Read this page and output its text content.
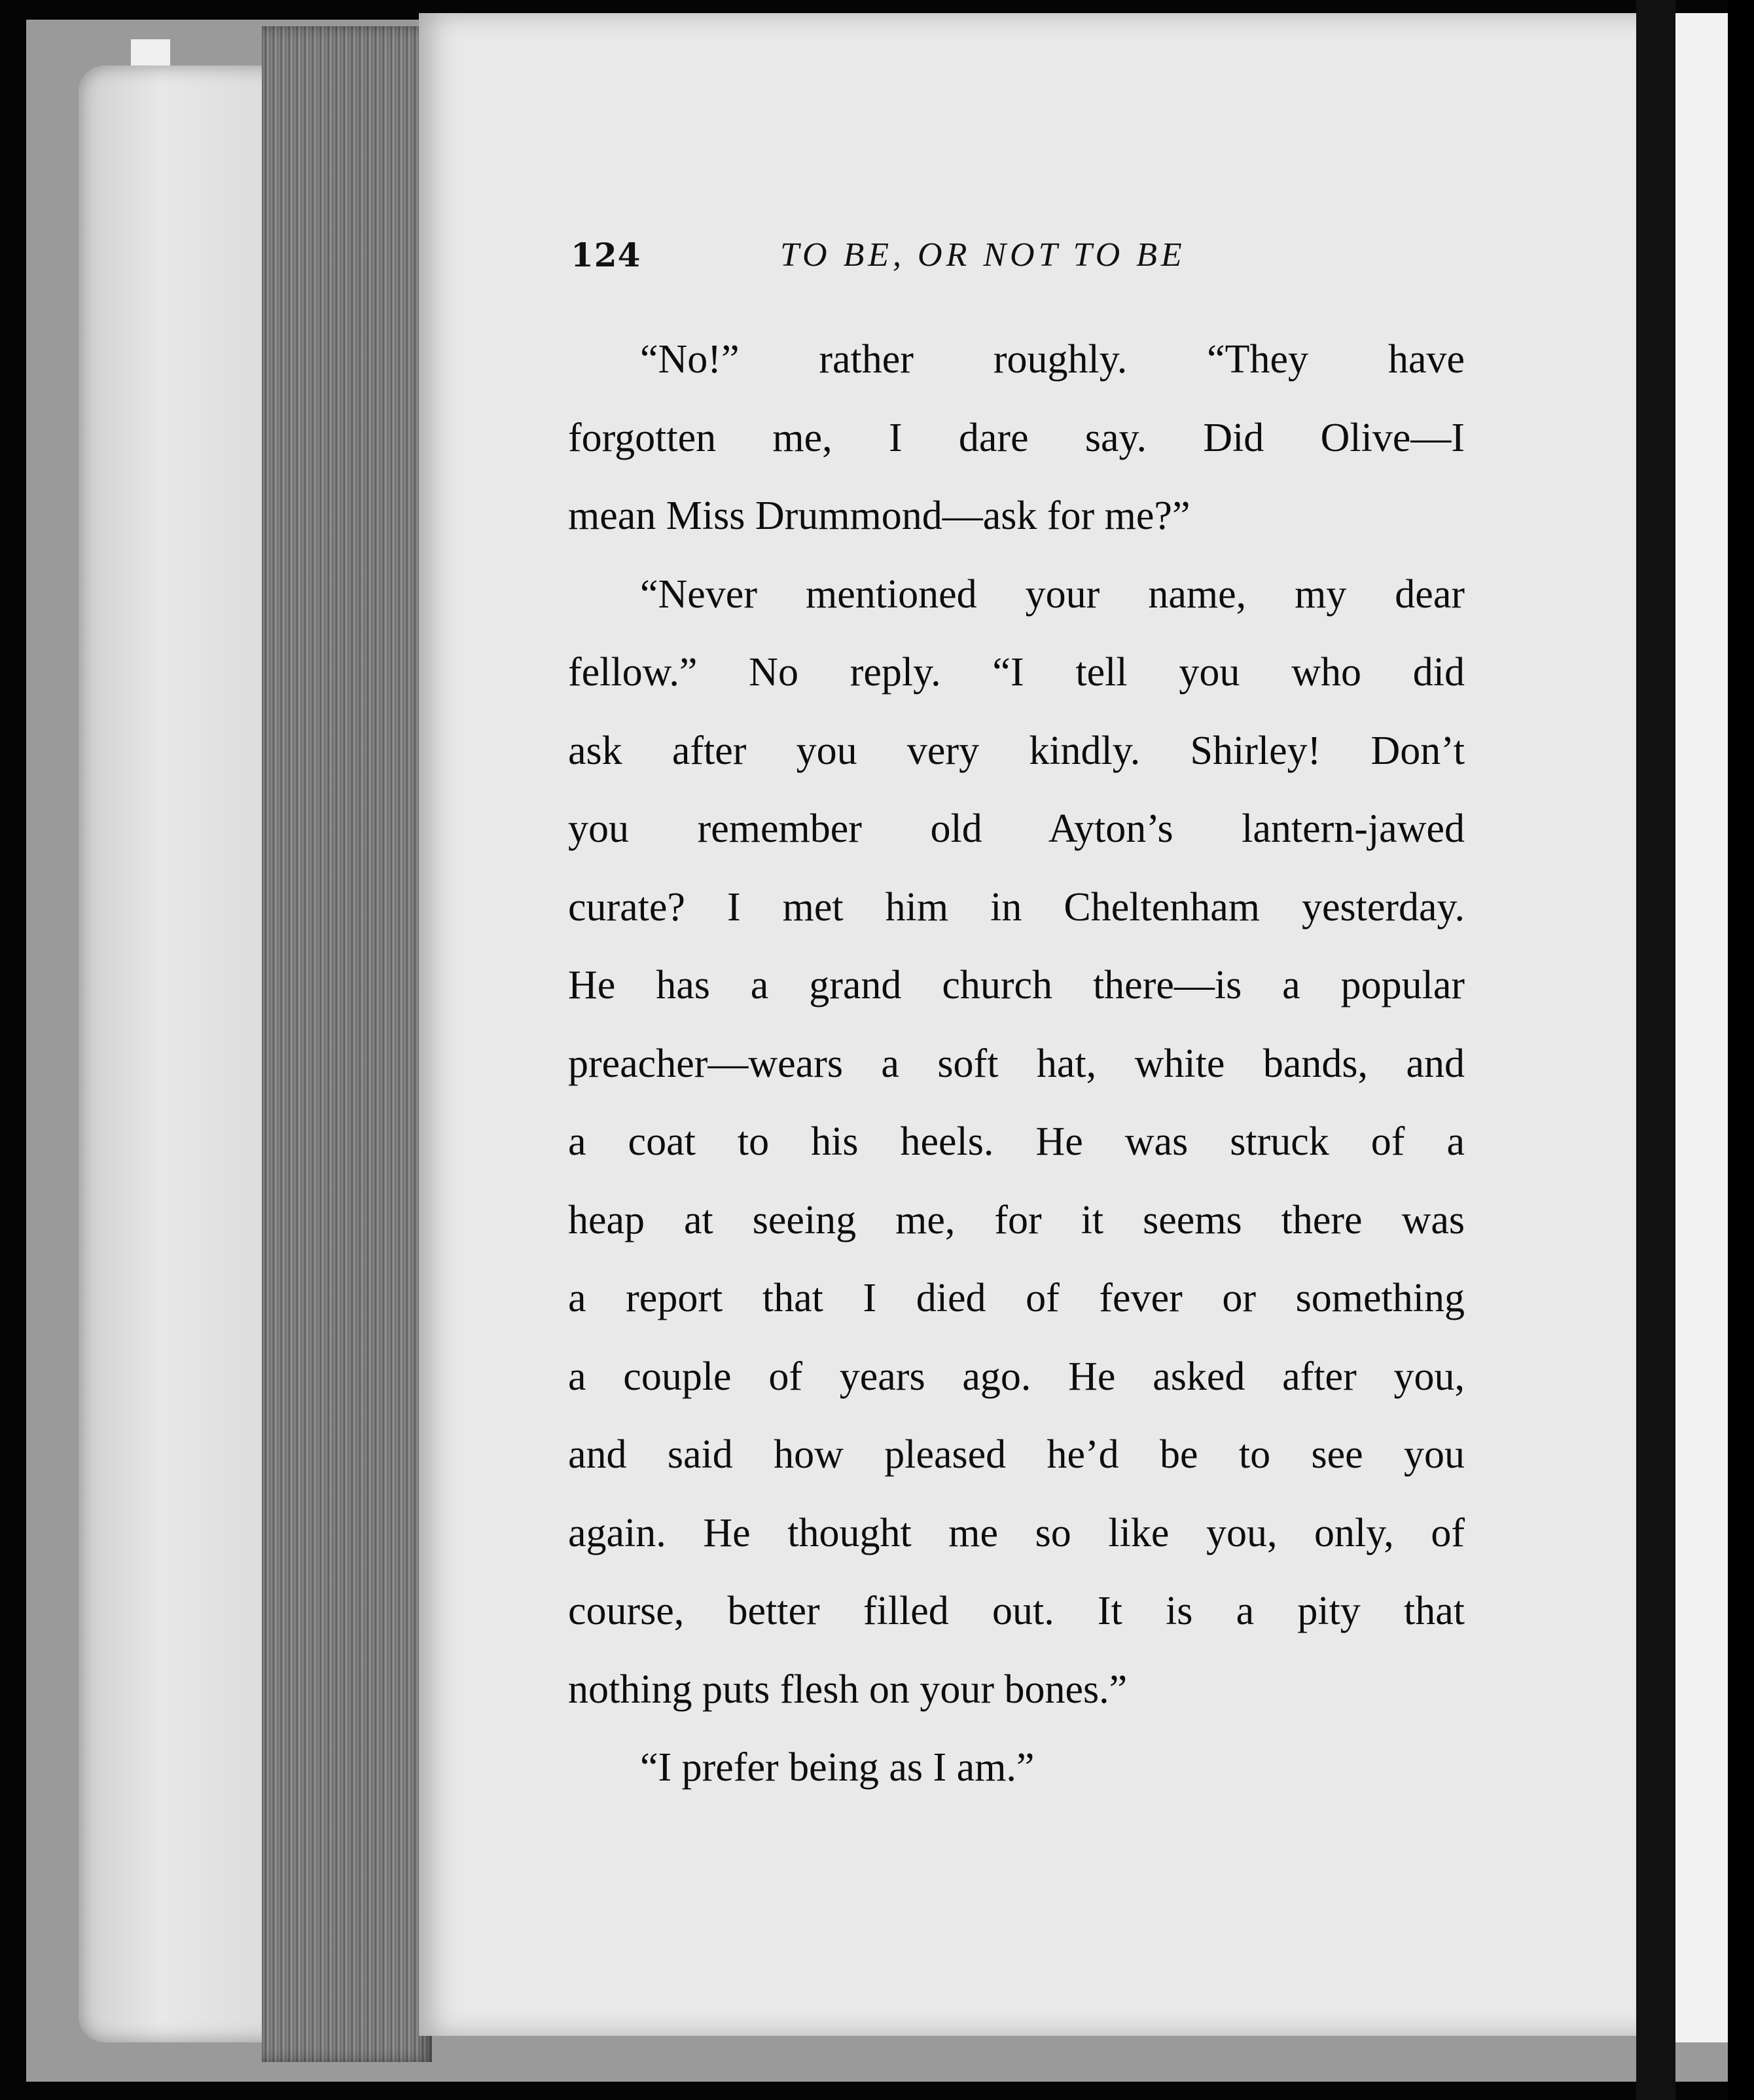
124	TO BE, OR NOT TO BE
“No!” rather roughly. “They have
forgotten me, I dare say. Did Olive—I
mean Miss Drummond—ask for me?”
“Never mentioned your name, my dear
fellow.” No reply. “I tell you who did
ask after you very kindly. Shirley! Don’t
you remember old Ayton’s lantern-jawed
curate? I met him in Cheltenham yesterday.
He has a grand church there—is a popular
preacher—wears a soft hat, white bands, and
a coat to his heels. He was struck of a
heap at seeing me, for it seems there was
a report that I died of fever or something
a couple of years ago. He asked after you,
and said how pleased he’d be to see you
again. He thought me so like you, only, of
course, better filled out. It is a pity that
nothing puts flesh on your bones.”
“I prefer being as I am.”
